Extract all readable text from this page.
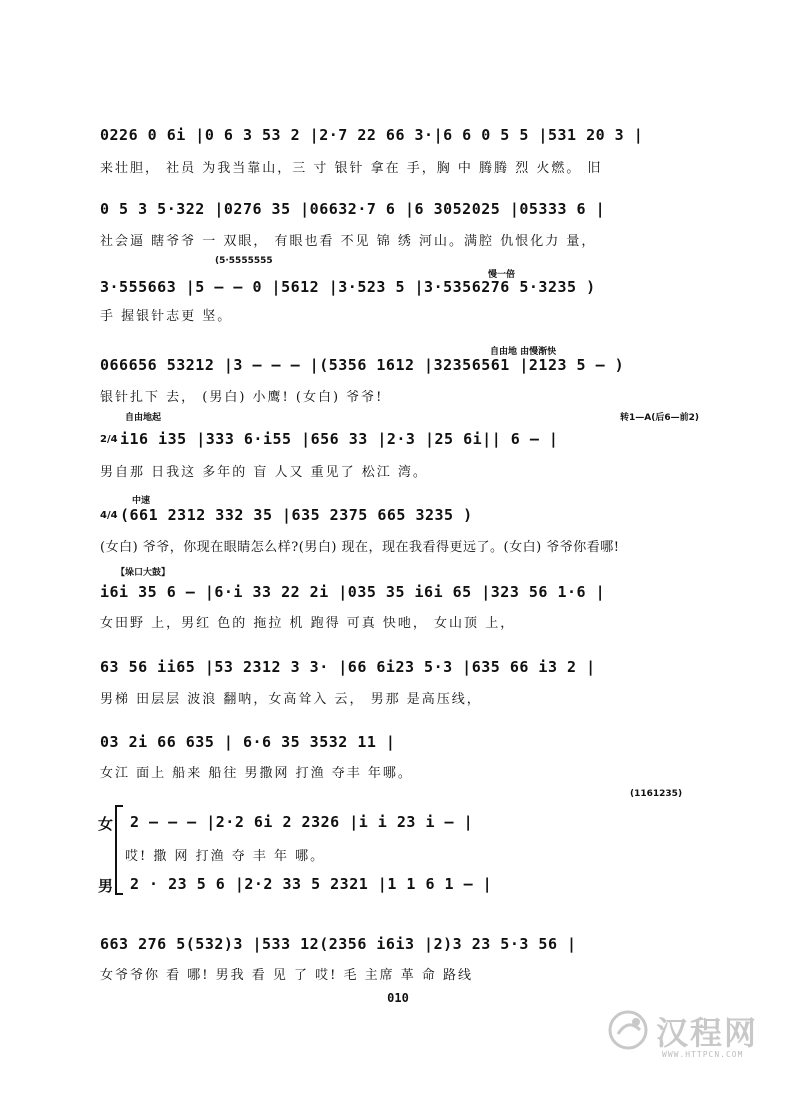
0226 0 6i |0 6 3 53 2 |2·7 22 66 3·|6 6 0 5 5 |531 20 3 |
来壮胆， 社员 为我当靠山，三 寸 银针 拿在 手，胸 中 腾腾 烈 火燃。 旧
0 5 3 5·322 |0276 35 |06632·7 6 |6 3052025 |05333 6 |
社会逼 瞎爷爷 一 双眼， 有眼也看 不见 锦 绣 河山。满腔 仇恨化力 量，
(5·5555555
慢一倍
3·555663 |5 — — 0 |5612 |3·523 5 |3·5356276 5·3235 )
手 握银针志更 坚。
自由地 由慢渐快
066656 53212 |3 — — — |(5356 1612 |32356561 |2123 5 — )
银针扎下 去， (男白) 小鹰! (女白) 爷爷!
自由地起	转1—A(后6—前2)
2/4 i16 i35 |333 6·i55 |656 33 |2·3 |25 6i|| 6 — |
男自那 日我这 多年的 盲 人又 重见了 松江 湾。
中速
4/4 (661 2312 332 35 |635 2375 665 3235 )
(女白) 爷爷，你现在眼睛怎么样?(男白) 现在，现在我看得更远了。(女白) 爷爷你看哪!
【垛口大鼓】
i6i 35 6 — |6·i 33 22 2i |035 35 i6i 65 |323 56 1·6 |
女田野 上，男红 色的 拖拉 机 跑得 可真 快吔， 女山顶 上，
63 56 ii65 |53 2312 3 3· |66 6i23 5·3 |635 66 i3 2 |
男梯 田层层 波浪 翻呐，女高耸入 云， 男那 是高压线，
03 2i 66 635 | 6·6 35 3532 11 |
女江 面上 船来 船往 男撒网 打渔 夺丰 年哪。
(1161235)
女 2 — — — |2·2 6i 2 2326 |i i 23 i — |
哎! 撒 网 打渔 夺 丰 年 哪。
男 2 · 23 5 6 |2·2 33 5 2321 |1 1 6 1 — |
663 276 5(532)3 |533 12(2356 i6i3 |2)3 23 5·3 56 |
女爷爷你 看 哪! 男我 看 见 了 哎! 毛 主席 革 命 路线
010
汉程网
WWW.HTTPCN.COM
